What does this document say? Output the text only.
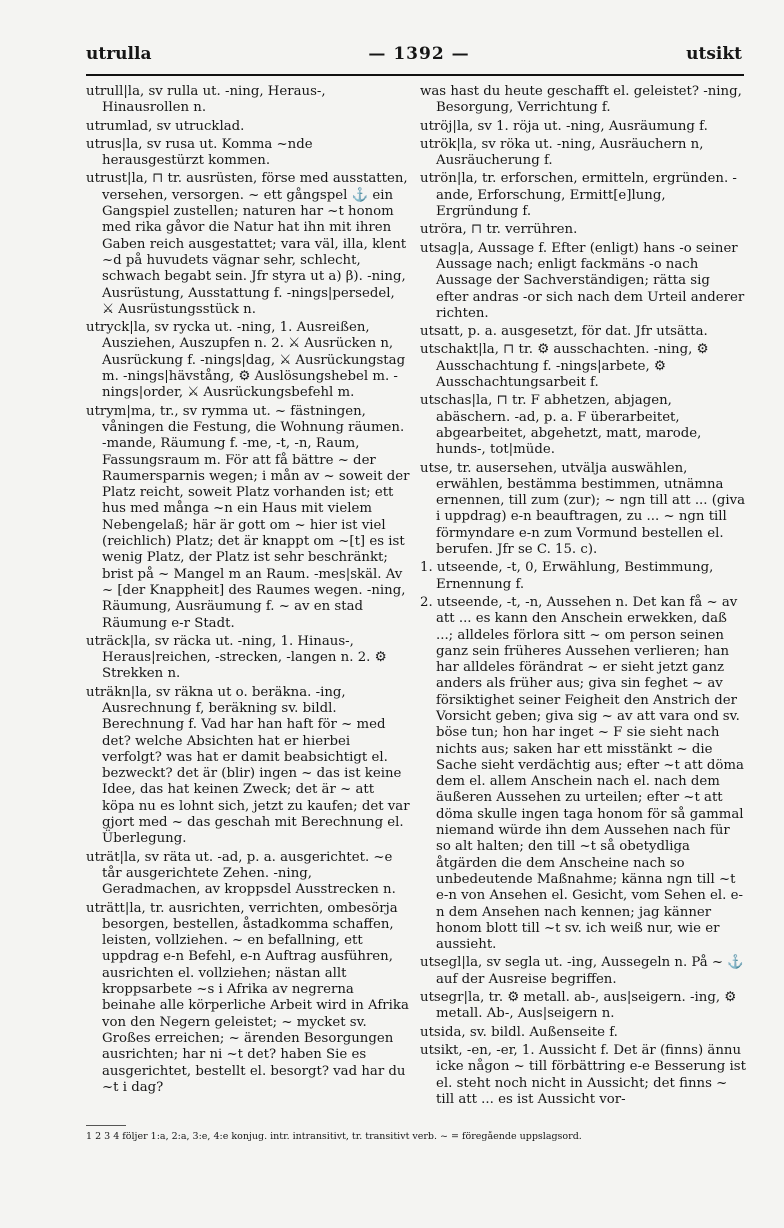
utrulla	— 1392 —	utsikt

utrull|la, sv rulla ut. -ning, Heraus-, Hinausrollen n.

utrumlad, sv utrucklad.

utrus|la, sv rusa ut. Komma ~nde herausgestürzt kommen.

utrust|la, ⊓ tr. ausrüsten, förse med ausstatten, versehen, versorgen. ~ ett gångspel ⚓ ein Gangspiel zustellen; naturen har ~t honom med rika gåvor die Natur hat ihn mit ihren Gaben reich ausgestattet; vara väl, illa, klent ~d på huvudets vägnar sehr, schlecht, schwach begabt sein. Jfr styra ut a) β). -ning, Ausrüstung, Ausstattung f. -nings|persedel, ⚔ Ausrüstungsstück n.

utryck|la, sv rycka ut. -ning, 1. Ausreißen, Ausziehen, Auszupfen n. 2. ⚔ Ausrücken n, Ausrückung f. -nings|dag, ⚔ Ausrückungstag m. -nings|hävstång, ⚙ Auslösungshebel m. -nings|order, ⚔ Ausrückungsbefehl m.

utrym|ma, tr., sv rymma ut. ~ fästningen, våningen die Festung, die Wohnung räumen. -mande, Räumung f. -me, -t, -n, Raum, Fassungsraum m. För att få bättre ~ der Raumersparnis wegen; i mån av ~ soweit der Platz reicht, soweit Platz vorhanden ist; ett hus med många ~n ein Haus mit vielem Nebengelaß; här är gott om ~ hier ist viel (reichlich) Platz; det är knappt om ~[t] es ist wenig Platz, der Platz ist sehr beschränkt; brist på ~ Mangel m an Raum. -mes|skäl. Av ~ [der Knappheit] des Raumes wegen. -ning, Räumung, Ausräumung f. ~ av en stad Räumung e-r Stadt.

uträck|la, sv räcka ut. -ning, 1. Hinaus-, Heraus|reichen, -strecken, -langen n. 2. ⚙ Strekken n.

uträkn|la, sv räkna ut o. beräkna. -ing, Ausrechnung f, beräkning sv. bildl. Berechnung f. Vad har han haft för ~ med det? welche Absichten hat er hierbei verfolgt? was hat er damit beabsichtigt el. bezweckt? det är (blir) ingen ~ das ist keine Idee, das hat keinen Zweck; det är ~ att köpa nu es lohnt sich, jetzt zu kaufen; det var gjort med ~ das geschah mit Berechnung el. Überlegung.

uträt|la, sv räta ut. -ad, p. a. ausgerichtet. ~e tår ausgerichtete Zehen. -ning, Geradmachen, av kroppsdel Ausstrecken n.

uträtt|la, tr. ausrichten, verrichten, ombesörja besorgen, bestellen, åstadkomma schaffen, leisten, vollziehen. ~ en befallning, ett uppdrag e-n Befehl, e-n Auftrag ausführen, ausrichten el. vollziehen; nästan allt kroppsarbete ~s i Afrika av negrerna beinahe alle körperliche Arbeit wird in Afrika von den Negern geleistet; ~ mycket sv. Großes erreichen; ~ ärenden Besorgungen ausrichten; har ni ~t det? haben Sie es ausgerichtet, bestellt el. besorgt? vad har du ~t i dag?

was hast du heute geschafft el. geleistet? -ning, Besorgung, Verrichtung f.

utröj|la, sv 1. röja ut. -ning, Ausräumung f.

utrök|la, sv röka ut. -ning, Ausräuchern n, Ausräucherung f.

utrön|la, tr. erforschen, ermitteln, ergründen. -ande, Erforschung, Ermitt[e]lung, Ergründung f.

utröra, ⊓ tr. verrühren.

utsag|a, Aussage f. Efter (enligt) hans -o seiner Aussage nach; enligt fackmäns -o nach Aussage der Sachverständigen; rätta sig efter andras -or sich nach dem Urteil anderer richten.

utsatt, p. a. ausgesetzt, för dat. Jfr utsätta.

utschakt|la, ⊓ tr. ⚙ ausschachten. -ning, ⚙ Ausschachtung f. -nings|arbete, ⚙ Ausschachtungsarbeit f.

utschas|la, ⊓ tr. F abhetzen, abjagen, abäschern. -ad, p. a. F überarbeitet, abgearbeitet, abgehetzt, matt, marode, hunds-, tot|müde.

utse, tr. ausersehen, utvälja auswählen, erwählen, bestämma bestimmen, utnämna ernennen, till zum (zur); ~ ngn till att ... (giva i uppdrag) e-n beauftragen, zu ... ~ ngn till förmyndare e-n zum Vormund bestellen el. berufen. Jfr se C. 15. c).

1. utseende, -t, 0, Erwählung, Bestimmung, Ernennung f.

2. utseende, -t, -n, Aussehen n. Det kan få ~ av att ... es kann den Anschein erwekken, daß ...; alldeles förlora sitt ~ om person seinen ganz sein früheres Aussehen verlieren; han har alldeles förändrat ~ er sieht jetzt ganz anders als früher aus; giva sin feghet ~ av försiktighet seiner Feigheit den Anstrich der Vorsicht geben; giva sig ~ av att vara ond sv. böse tun; hon har inget ~ F sie sieht nach nichts aus; saken har ett misstänkt ~ die Sache sieht verdächtig aus; efter ~t att döma dem el. allem Anschein nach el. nach dem äußeren Aussehen zu urteilen; efter ~t att döma skulle ingen taga honom för så gammal niemand würde ihn dem Aussehen nach für so alt halten; den till ~t så obetydliga åtgärden die dem Anscheine nach so unbedeutende Maßnahme; känna ngn till ~t e-n von Ansehen el. Gesicht, vom Sehen el. e-n dem Ansehen nach kennen; jag känner honom blott till ~t sv. ich weiß nur, wie er aussieht.

utsegl|la, sv segla ut. -ing, Aussegeln n. På ~ ⚓ auf der Ausreise begriffen.

utsegr|la, tr. ⚙ metall. ab-, aus|seigern. -ing, ⚙ metall. Ab-, Aus|seigern n.

utsida, sv. bildl. Außenseite f.

utsikt, -en, -er, 1. Aussicht f. Det är (finns) ännu icke någon ~ till förbättring e-e Besserung ist el. steht noch nicht in Aussicht; det finns ~ till att ... es ist Aussicht vor-

1 2 3 4 följer 1:a, 2:a, 3:e, 4:e konjug. intr. intransitivt, tr. transitivt verb. ~ = föregående uppslagsord.
